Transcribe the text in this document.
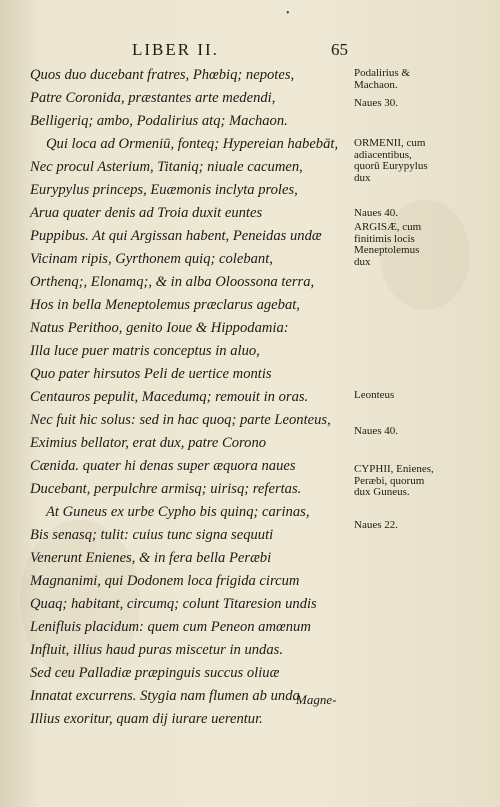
•
LIBER II.	65
Quos duo ducebant fratres, Phœbiq; nepotes,
Patre Coronida, præstantes arte medendi,
Belligeriq; ambo, Podalirius atq; Machaon.
Qui loca ad Ormeniū, fonteq; Hypereian habebāt,
Nec procul Asterium, Titaniq; niuale cacumen,
Eurypylus princeps, Euæmonis inclyta proles,
Arua quater denis ad Troia duxit euntes
Puppibus. At qui Argissan habent, Peneidas undæ
Vicinam ripis, Gyrthonem quiq; colebant,
Orthenq;, Elonamq;, & in alba Oloossona terra,
Hos in bella Meneptolemus præclarus agebat,
Natus Perithoo, genito Ioue & Hippodamia:
Illa luce puer matris conceptus in aluo,
Quo pater hirsutos Peli de uertice montis
Centauros pepulit, Macedumq; remouit in oras.
Nec fuit hic solus: sed in hac quoq; parte Leonteus,
Eximius bellator, erat dux, patre Corono
Cænida. quater hi denas super æquora naues
Ducebant, perpulchre armisq; uirisq; refertas.
At Guneus ex urbe Cypho bis quinq; carinas,
Bis senasq; tulit: cuius tunc signa sequuti
Venerunt Enienes, & in fera bella Peræbi
Magnanimi, qui Dodonem loca frigida circum
Quaq; habitant, circumq; colunt Titaresion undis
Lenifluis placidum: quem cum Peneon amœnum
Influit, illius haud puras miscetur in undas.
Sed ceu Palladiæ præpinguis succus oliuæ
Innatat excurrens. Stygia nam flumen ab unda
Illius exoritur, quam dij iurare uerentur.
Podalirius & Machaon.
Naues 30.
ORMENII, cum adiacentibus, quorū Eurypylus dux
Naues 40.
ARGISÆ, cum finitimis locis Meneptolemus dux
Leonteus
Naues 40.
CYPHII, Enienes, Peræbi, quorum dux Guneus.
Naues 22.
Magne-
